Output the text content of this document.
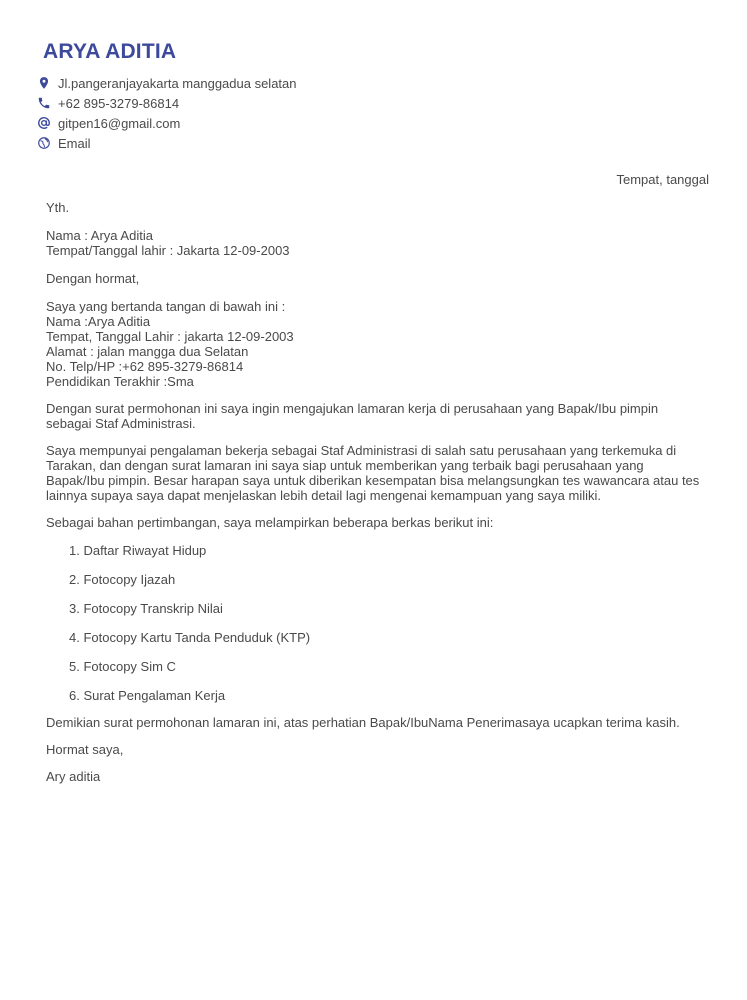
ARYA ADITIA
Jl.pangeranjayakarta manggadua selatan
+62 895-3279-86814
gitpen16@gmail.com
Email
Tempat, tanggal
Yth.
Nama : Arya Aditia
Tempat/Tanggal lahir : Jakarta 12-09-2003
Dengan hormat,
Saya yang bertanda tangan di bawah ini :
Nama :Arya Aditia
Tempat, Tanggal Lahir : jakarta 12-09-2003
Alamat : jalan mangga dua Selatan
No. Telp/HP :+62 895-3279-86814
Pendidikan Terakhir :Sma
Dengan surat permohonan ini saya ingin mengajukan lamaran kerja di perusahaan yang Bapak/Ibu pimpin
sebagai Staf Administrasi.
Saya mempunyai pengalaman bekerja sebagai Staf Administrasi di salah satu perusahaan yang terkemuka di
Tarakan, dan dengan surat lamaran ini saya siap untuk memberikan yang terbaik bagi perusahaan yang
Bapak/Ibu pimpin. Besar harapan saya untuk diberikan kesempatan bisa melangsungkan tes wawancara atau tes
lainnya supaya saya dapat menjelaskan lebih detail lagi mengenai kemampuan yang saya miliki.
Sebagai bahan pertimbangan, saya melampirkan beberapa berkas berikut ini:
1. Daftar Riwayat Hidup
2. Fotocopy Ijazah
3. Fotocopy Transkrip Nilai
4. Fotocopy Kartu Tanda Penduduk (KTP)
5. Fotocopy Sim C
6. Surat Pengalaman Kerja
Demikian surat permohonan lamaran ini, atas perhatian Bapak/IbuNama Penerimasaya ucapkan terima kasih.
Hormat saya,
Ary aditia
